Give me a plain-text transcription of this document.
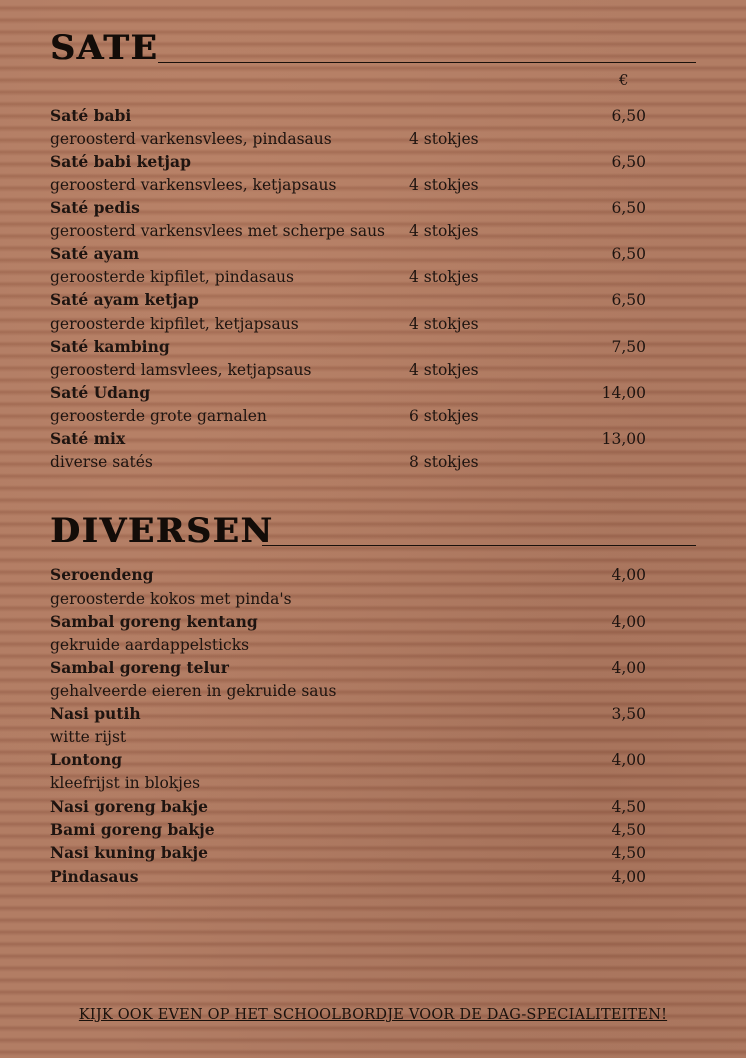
SATE
€
Saté babi	6,50
geroosterd varkensvlees, pindasaus	4 stokjes
Saté babi ketjap	6,50
geroosterd varkensvlees, ketjapsaus	4 stokjes
Saté pedis	6,50
geroosterd varkensvlees met scherpe saus 4 stokjes
Saté ayam	6,50
geroosterde kipfilet, pindasaus	4 stokjes
Saté ayam ketjap	6,50
geroosterde kipfilet, ketjapsaus	4 stokjes
Saté kambing	7,50
geroosterd lamsvlees, ketjapsaus	4 stokjes
Saté Udang	14,00
geroosterde grote garnalen	6 stokjes
Saté mix	13,00
diverse satés	8 stokjes
DIVERSEN
Seroendeng	4,00
geroosterde kokos met pinda's
Sambal goreng kentang	4,00
gekruide aardappelsticks
Sambal goreng telur	4,00
gehalveerde eieren in gekruide saus
Nasi putih	3,50
witte rijst
Lontong	4,00
kleefrijst in blokjes
Nasi goreng bakje	4,50
Bami goreng bakje	4,50
Nasi kuning bakje	4,50
Pindasaus	4,00
KIJK OOK EVEN OP HET SCHOOLBORDJE VOOR DE DAG-SPECIALITEITEN!
